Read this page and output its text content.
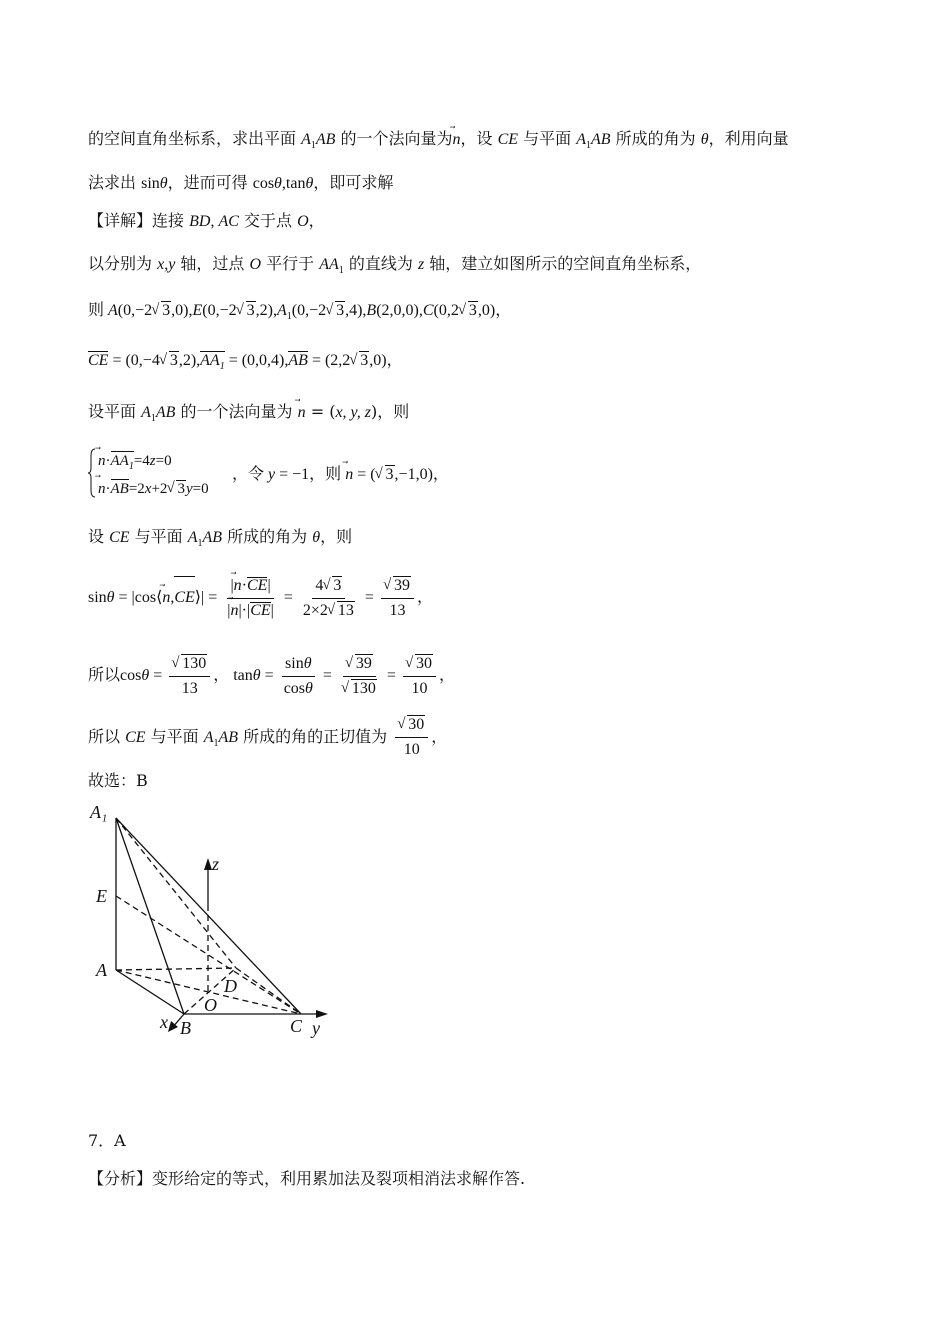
的空间直角坐标系，求出平面 $A_1AB$ 的一个法向量为n ⃗，设 CE 与平面 $A_1AB$ 所成的角为 θ，利用向量
法求出 sinθ，进而可得 cosθ,tanθ，即可求解
【详解】连接 BD, AC 交于点 O，
以分别为 x,y 轴，过点 O 平行于 $AA_1$ 的直线为 z 轴，建立如图所示的空间直角坐标系，
则 A(0,−2√ 3,0),E(0,−2√ $3,2),A_1(0,-2√$ 3,4),B(2,0,0),C(0,2√ 3,0)，
CE = (0,−4√ $3,2),AA_1 = (0,0,4),AB = (2,2√$ 3,0)，
设平面 $A_1AB$ 的一个法向量为 n ⃗ = (x, y, z)，则
n $⃗\cdot AA_1=4z=0$
n ⃗·AB=2x+2√ 3y=0
，令 y = −1，则 n ⃗ = (√ 3,−1,0)，
设 CE 与平面 $A_1AB$ 所成的角为 θ，则
sinθ = |cos⟨n ⃗,CE⟩| = $\frac{|n ⃗\cdot CE|}{|n ⃗|\cdot|CE|} = \frac{4√ 3}{2\times 2√ 13}$ =
√ $\frac{39}{13}$ ，
所以cosθ =
√ $\frac{130}{13}$ ， $\tan\theta = \frac{\sin\theta}{\cos\theta}$ =
√ 39
√ 130 =
√ $\frac{30}{10}$ ，
所以 CE 与平面 $A_1AB$ 所成的角的正切值为
√ $\frac{30}{10}$ ，
故选：B
A₁
z
E
A
D
O
x B	C y
7．A
【分析】变形给定的等式，利用累加法及裂项相消法求解作答.
